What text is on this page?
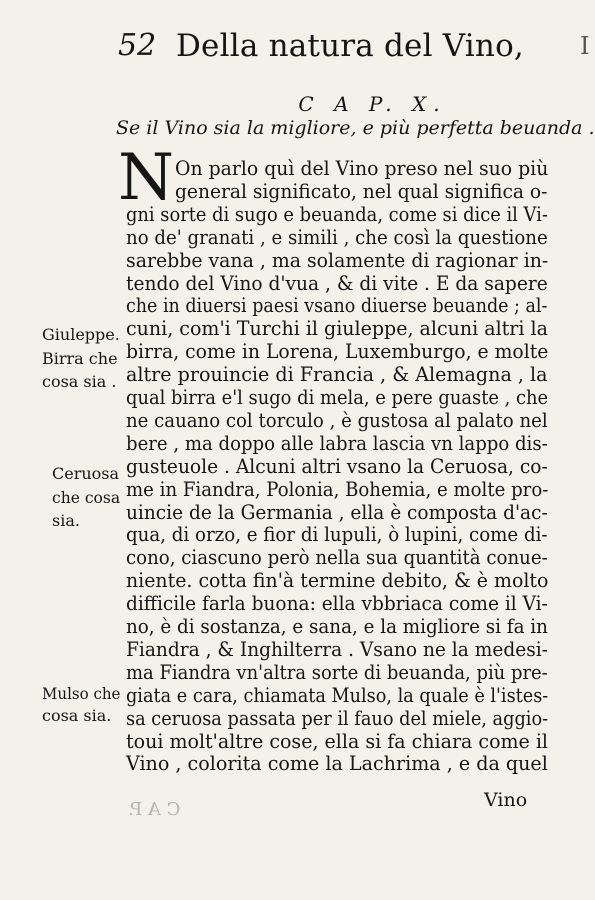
52 Della natura del Vino, I
C A P. X.
Se il Vino sia la migliore, e più perfetta beuanda .
N On parlo quì del Vino preso nel suo più
general significato, nel qual significa o-
gni sorte di sugo e beuanda, come si dice il Vi-
no de' granati , e simili , che così la questione
sarebbe vana , ma solamente di ragionar in-
tendo del Vino d'vua , & di vite . E da sapere
che in diuersi paesi vsano diuerse beuande ; al-
cuni, com'i Turchi il giuleppe, alcuni altri la
birra, come in Lorena, Luxemburgo, e molte
altre prouincie di Francia , & Alemagna , la
qual birra e'l sugo di mela, e pere guaste , che
ne cauano col torculo , è gustosa al palato nel
bere , ma doppo alle labra lascia vn lappo dis-
gusteuole . Alcuni altri vsano la Ceruosa, co-
me in Fiandra, Polonia, Bohemia, e molte pro-
uincie de la Germania , ella è composta d'ac-
qua, di orzo, e fior di lupuli, ò lupini, come di-
cono, ciascuno però nella sua quantità conue-
niente. cotta fin'à termine debito, & è molto
difficile farla buona: ella vbbriaca come il Vi-
no, è di sostanza, e sana, e la migliore si fa in
Fiandra , & Inghilterra . Vsano ne la medesi-
ma Fiandra vn'altra sorte di beuanda, più pre-
giata e cara, chiamata Mulso, la quale è l'istes-
sa ceruosa passata per il fauo del miele, aggio-
toui molt'altre cose, ella si fa chiara come il
Vino , colorita come la Lachrima , e da quel
Giuleppe.
Birra che
cosa sia .
Ceruosa
che cosa
sia.
Mulso che
cosa sia.
Vino
C A P.
